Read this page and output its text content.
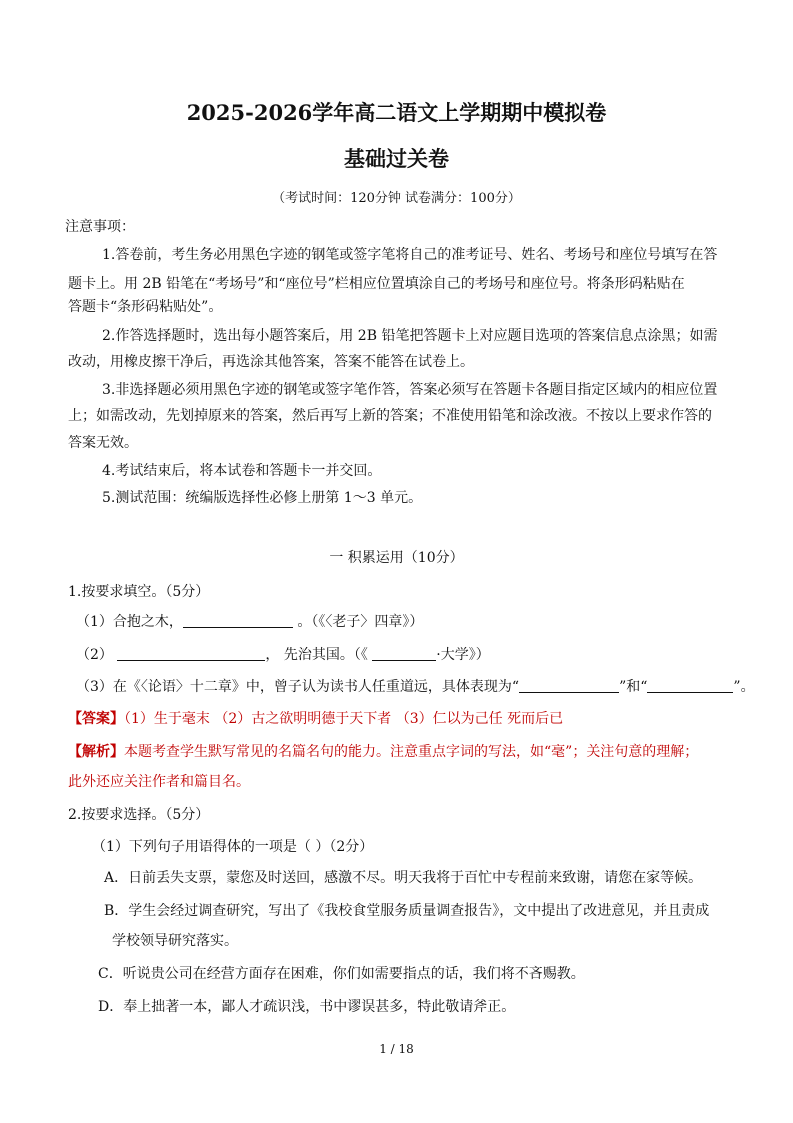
2025-2026学年高二语文上学期期中模拟卷
基础过关卷
（考试时间：120分钟 试卷满分：100分）
注意事项：
1.答卷前，考生务必用黑色字迹的钢笔或签字笔将自己的准考证号、姓名、考场号和座位号填写在答
题卡上。用 2B 铅笔在“考场号”和“座位号”栏相应位置填涂自己的考场号和座位号。将条形码粘贴在
答题卡“条形码粘贴处”。
2.作答选择题时，选出每小题答案后，用 2B 铅笔把答题卡上对应题目选项的答案信息点涂黑；如需
改动，用橡皮擦干净后，再选涂其他答案，答案不能答在试卷上。
3.非选择题必须用黑色字迹的钢笔或签字笔作答，答案必须写在答题卡各题目指定区域内的相应位置
上；如需改动，先划掉原来的答案，然后再写上新的答案；不准使用铅笔和涂改液。不按以上要求作答的
答案无效。
4.考试结束后，将本试卷和答题卡一并交回。
5.测试范围：统编版选择性必修上册第 1～3 单元。
一 积累运用（10分）
1.按要求填空。（5分）
（1）合抱之木，	。（《〈老子〉四章》）
（2）	， 先治其国。（《	·大学》）
（3）在《〈论语〉十二章》中，曾子认为读书人任重道远，具体表现为“	”和“	”。
【答案】（1）生于毫末 （2）古之欲明明德于天下者 （3）仁以为己任 死而后已
【解析】本题考查学生默写常见的名篇名句的能力。注意重点字词的写法，如“毫”；关注句意的理解；
此外还应关注作者和篇目名。
2.按要求选择。（5分）
（1）下列句子用语得体的一项是（ ）（2分）
A．日前丢失支票，蒙您及时送回，感激不尽。明天我将于百忙中专程前来致谢，请您在家等候。
B．学生会经过调查研究，写出了《我校食堂服务质量调查报告》，文中提出了改进意见，并且责成
学校领导研究落实。
C．听说贵公司在经营方面存在困难，你们如需要指点的话，我们将不吝赐教。
D．奉上拙著一本，鄙人才疏识浅，书中谬误甚多，特此敬请斧正。
1 / 18
